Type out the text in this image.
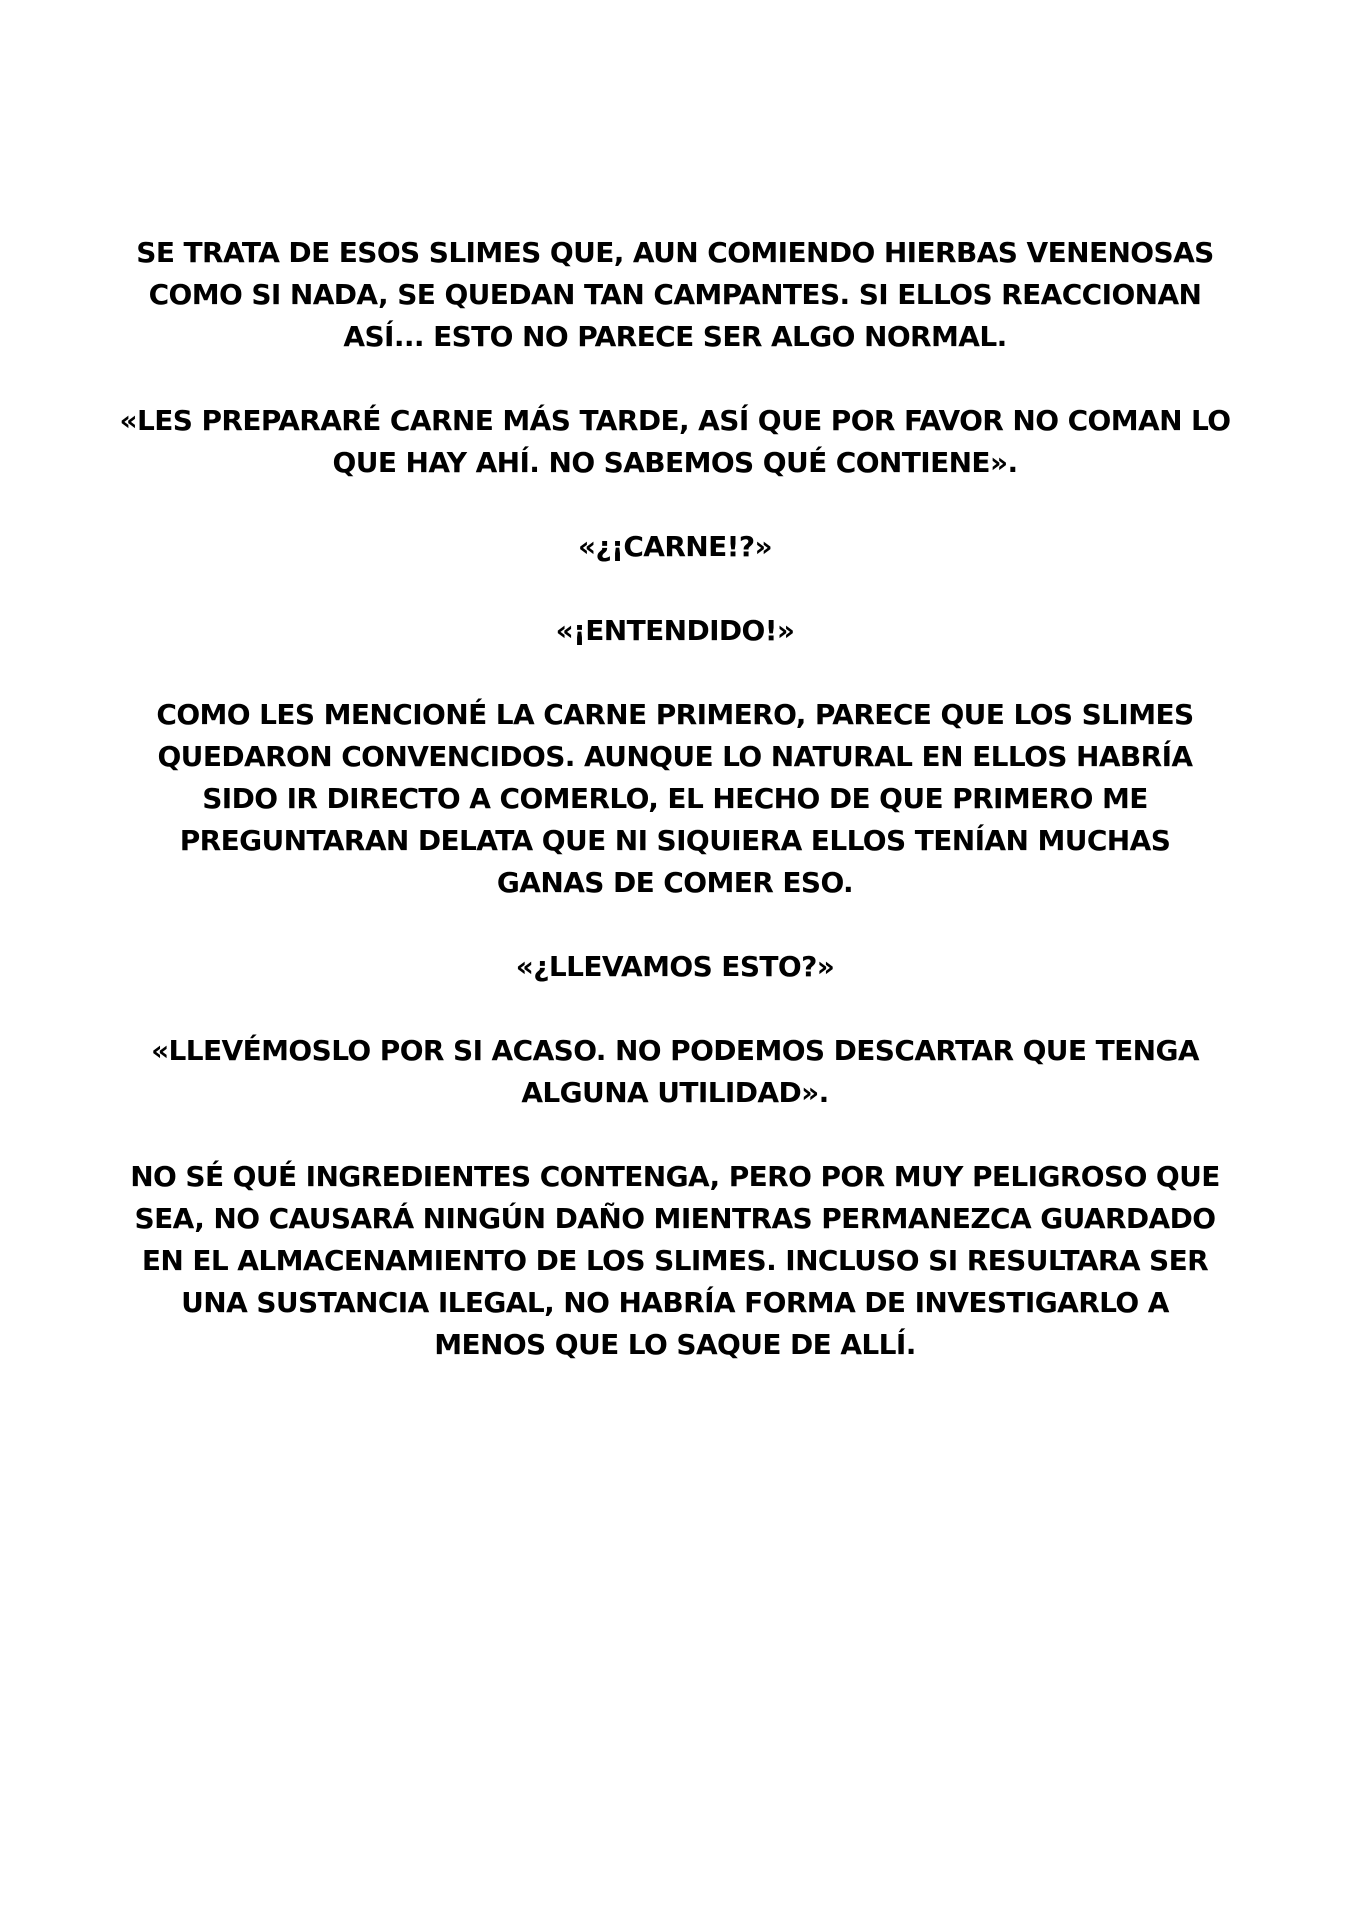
SE TRATA DE ESOS SLIMES QUE, AUN COMIENDO HIERBAS VENENOSAS
COMO SI NADA, SE QUEDAN TAN CAMPANTES. SI ELLOS REACCIONAN
ASÍ... ESTO NO PARECE SER ALGO NORMAL.

«LES PREPARARÉ CARNE MÁS TARDE, ASÍ QUE POR FAVOR NO COMAN LO
QUE HAY AHÍ. NO SABEMOS QUÉ CONTIENE».

«¿¡CARNE!?»

«¡ENTENDIDO!»

COMO LES MENCIONÉ LA CARNE PRIMERO, PARECE QUE LOS SLIMES
QUEDARON CONVENCIDOS. AUNQUE LO NATURAL EN ELLOS HABRÍA
SIDO IR DIRECTO A COMERLO, EL HECHO DE QUE PRIMERO ME
PREGUNTARAN DELATA QUE NI SIQUIERA ELLOS TENÍAN MUCHAS
GANAS DE COMER ESO.

«¿LLEVAMOS ESTO?»

«LLEVÉMOSLO POR SI ACASO. NO PODEMOS DESCARTAR QUE TENGA
ALGUNA UTILIDAD».

NO SÉ QUÉ INGREDIENTES CONTENGA, PERO POR MUY PELIGROSO QUE
SEA, NO CAUSARÁ NINGÚN DAÑO MIENTRAS PERMANEZCA GUARDADO
EN EL ALMACENAMIENTO DE LOS SLIMES. INCLUSO SI RESULTARA SER
UNA SUSTANCIA ILEGAL, NO HABRÍA FORMA DE INVESTIGARLO A
MENOS QUE LO SAQUE DE ALLÍ.
